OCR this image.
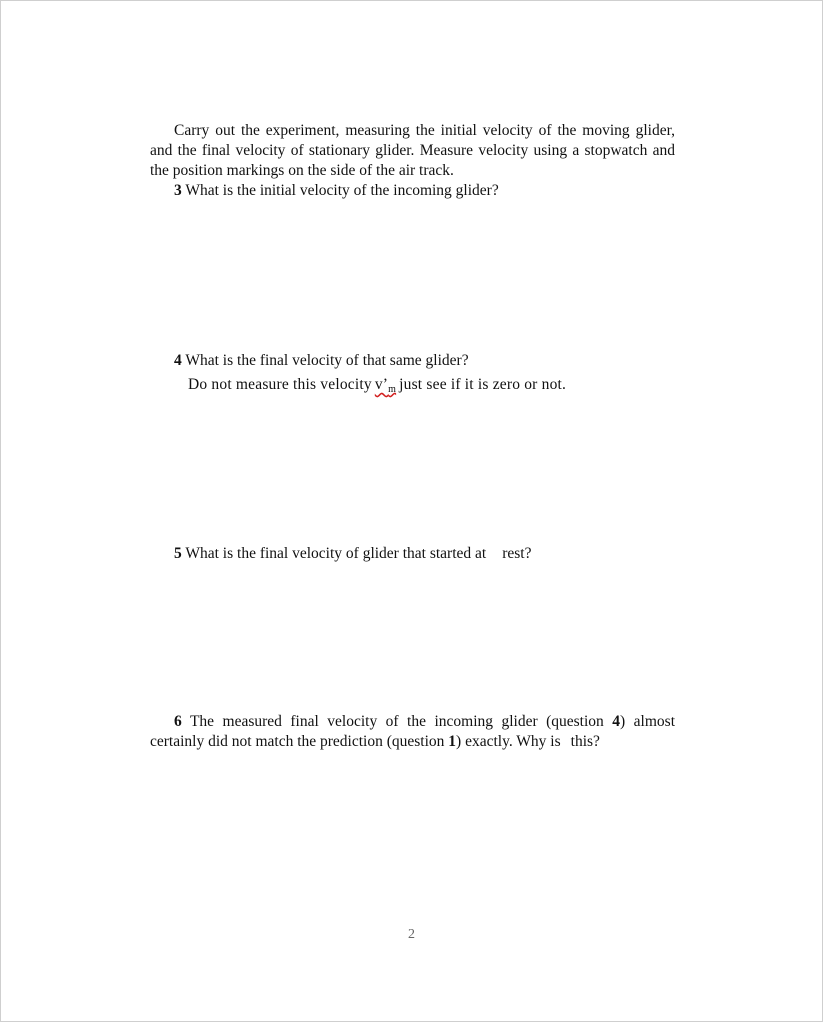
Carry out the experiment, measuring the initial velocity of the moving glider, and the final velocity of stationary glider. Measure velocity using a stopwatch and the position markings on the side of the air track.

3 What is the initial velocity of the incoming glider?

4 What is the final velocity of that same glider?

Do not measure this velocity $v’_m$ just see if it is zero or not.

5 What is the final velocity of glider that started at rest?

6 The measured final velocity of the incoming glider (question 4) almost certainly did not match the prediction (question 1) exactly. Why is this?

2
